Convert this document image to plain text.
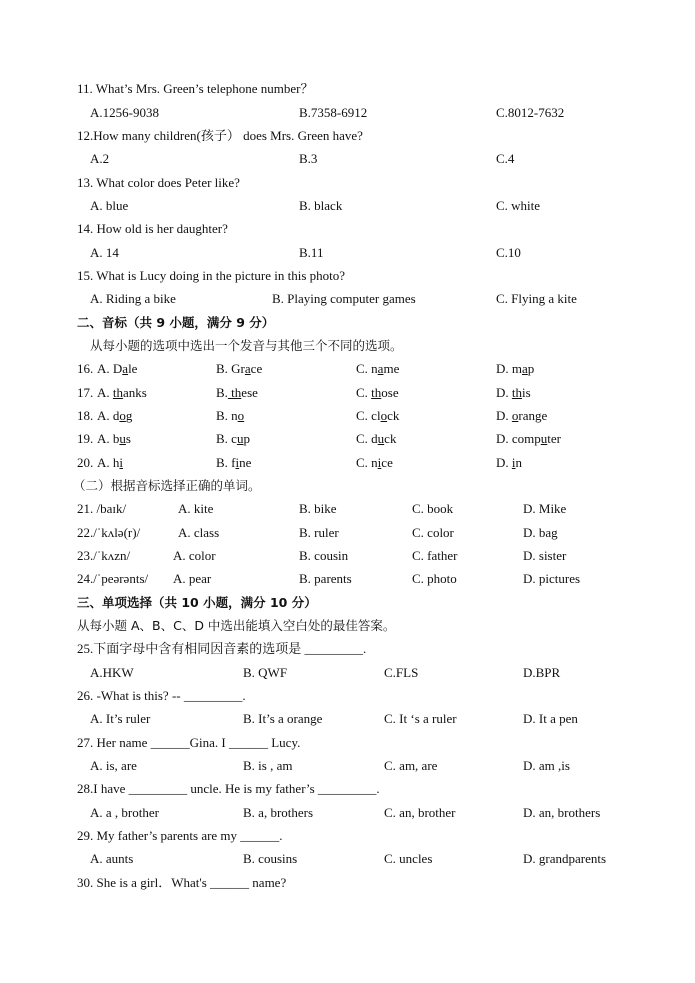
11. What’s Mrs. Green’s telephone number？
A.1256-9038	B.7358-6912	C.8012-7632
12.How many children(孩子） does Mrs. Green have?
A.2	B.3	C.4
13. What color does Peter like?
A. blue	B. black	C. white
14. How old is her daughter?
A. 14	B.11	C.10
15. What is Lucy doing in the picture in this photo?
A. Riding a bike	B. Playing computer games	C. Flying a kite
二、音标（共 9 小题，满分 9 分）
从每小题的选项中选出一个发音与其他三个不同的选项。
16. A. Dale	B. Grace	C. name	D. map
17. A. thanks	B. these	C. those	D. this
18. A. dog	B. no	C. clock	D. orange
19. A. bus	B. cup	C. duck	D. computer
20. A. hi	B. fine	C. nice	D. in
（二）根据音标选择正确的单词。
21. /baɪk/	A. kite	B. bike	C. book	D. Mike
22./ˈkʌlə(r)/	A. class	B. ruler	C. color	D. bag
23./ˈkʌzn/	A. color	B. cousin	C. father	D. sister
24./ˈpeərənts/ A. pear	B. parents	C. photo	D. pictures
三、单项选择（共 10 小题，满分 10 分）
从每小题 A、B、C、D 中选出能填入空白处的最佳答案。
25.下面字母中含有相同因音素的选项是 _________.
A.HKW	B. QWF	C.FLS	D.BPR
26. -What is this? -- _________.
A. It’s ruler	B. It’s a orange	C. It ‘s a ruler	D. It a pen
27. Her name ______Gina. I ______ Lucy.
A. is, are	B. is , am	C. am, are	D. am ,is
28.I have _________ uncle. He is my father’s _________.
A. a , brother	B. a, brothers	C. an, brother	D. an, brothers
29. My father’s parents are my ______.
A. aunts	B. cousins	C. uncles	D. grandparents
30. She is a girl．What's ______ name?
